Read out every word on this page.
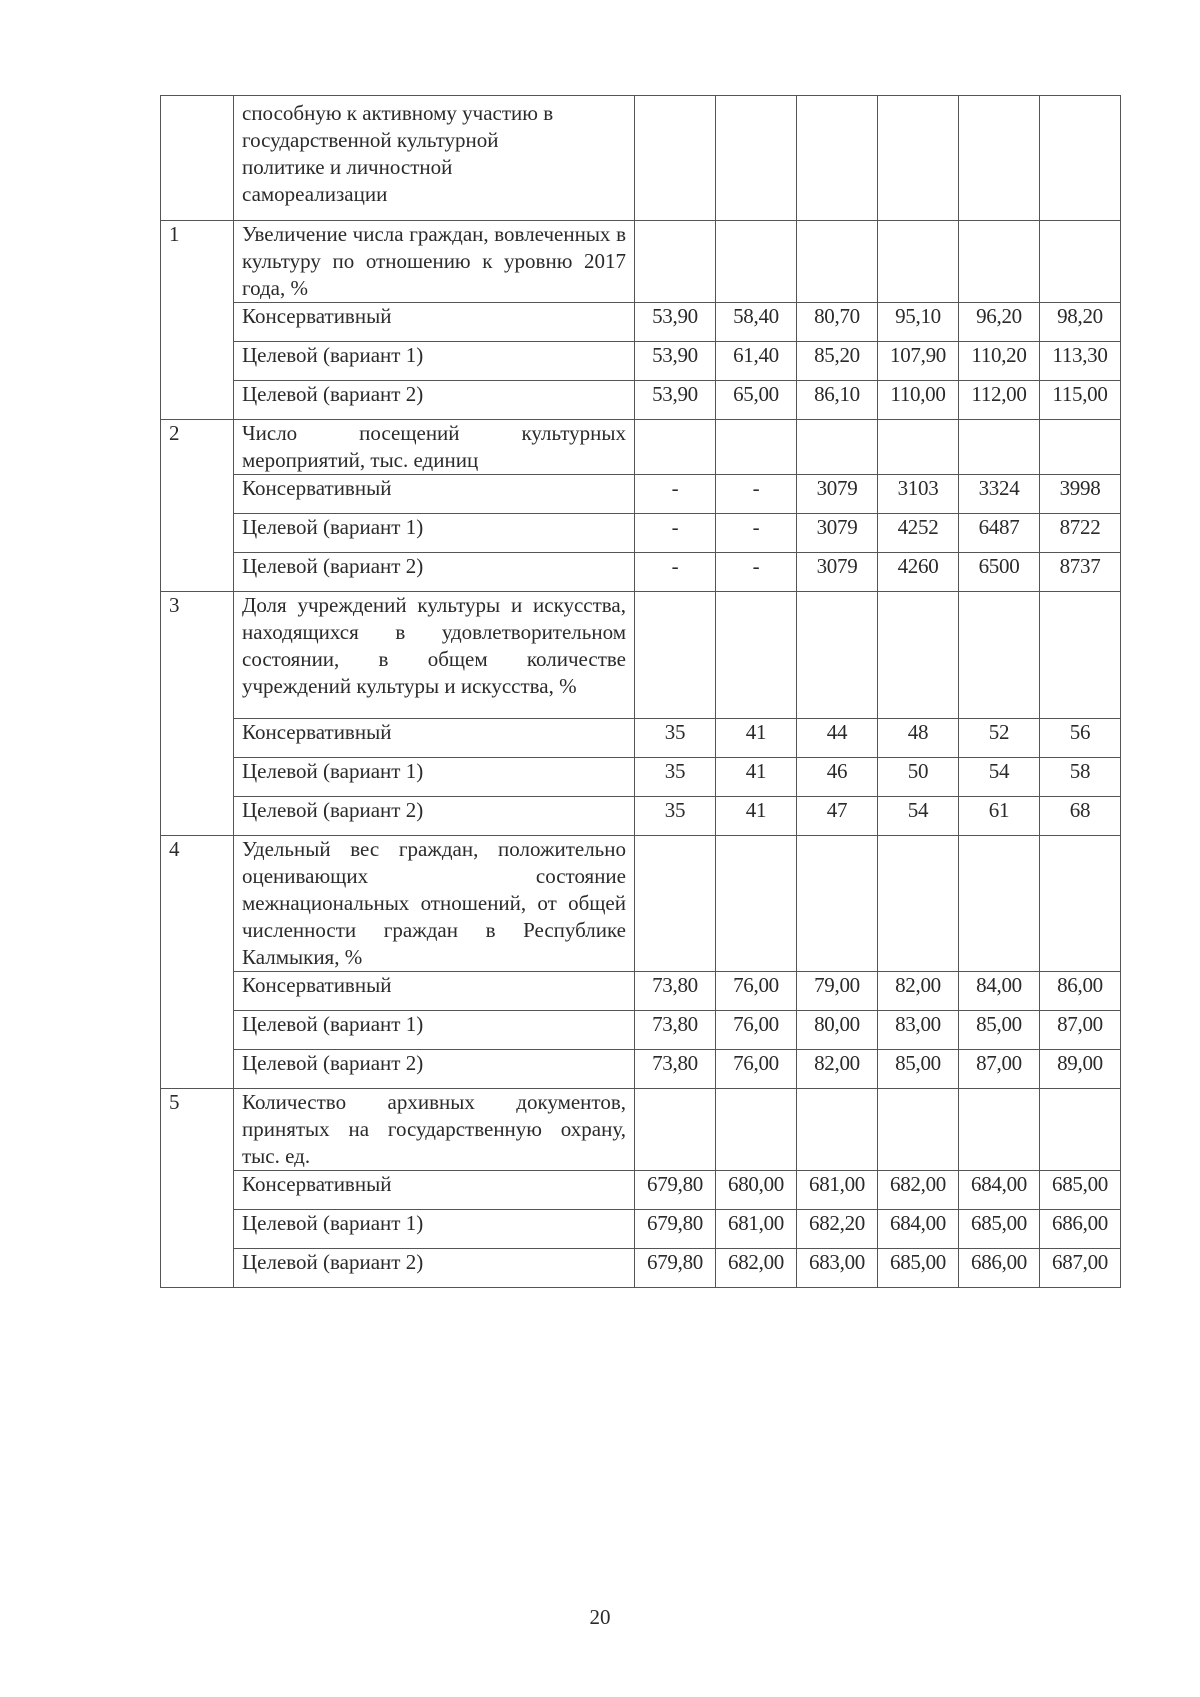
	способную к активному участию в
государственной культурной
политике и личностной
самореализации						

1	Увеличение числа граждан, вовлеченных в культуру по отношению к уровню 2017 года, %						
	Консервативный	53,90	58,40	80,70	95,10	96,20	98,20
	Целевой (вариант 1)	53,90	61,40	85,20	107,90	110,20	113,30
	Целевой (вариант 2)	53,90	65,00	86,10	110,00	112,00	115,00
2	Число посещений культурных мероприятий, тыс. единиц						
	Консервативный	-	-	3079	3103	3324	3998
	Целевой (вариант 1)	-	-	3079	4252	6487	8722
	Целевой (вариант 2)	-	-	3079	4260	6500	8737
3	Доля учреждений культуры и искусства, находящихся в удовлетворительном состоянии, в общем количестве учреждений культуры и искусства, %						
	Консервативный	35	41	44	48	52	56
	Целевой (вариант 1)	35	41	46	50	54	58
	Целевой (вариант 2)	35	41	47	54	61	68
4	Удельный вес граждан, положительно оценивающих состояние межнациональных отношений, от общей численности граждан в Республике Калмыкия, %						
	Консервативный	73,80	76,00	79,00	82,00	84,00	86,00
	Целевой (вариант 1)	73,80	76,00	80,00	83,00	85,00	87,00
	Целевой (вариант 2)	73,80	76,00	82,00	85,00	87,00	89,00
5	Количество архивных документов, принятых на государственную охрану, тыс. ед.						
	Консервативный	679,80	680,00	681,00	682,00	684,00	685,00
	Целевой (вариант 1)	679,80	681,00	682,20	684,00	685,00	686,00
	Целевой (вариант 2)	679,80	682,00	683,00	685,00	686,00	687,00
20
